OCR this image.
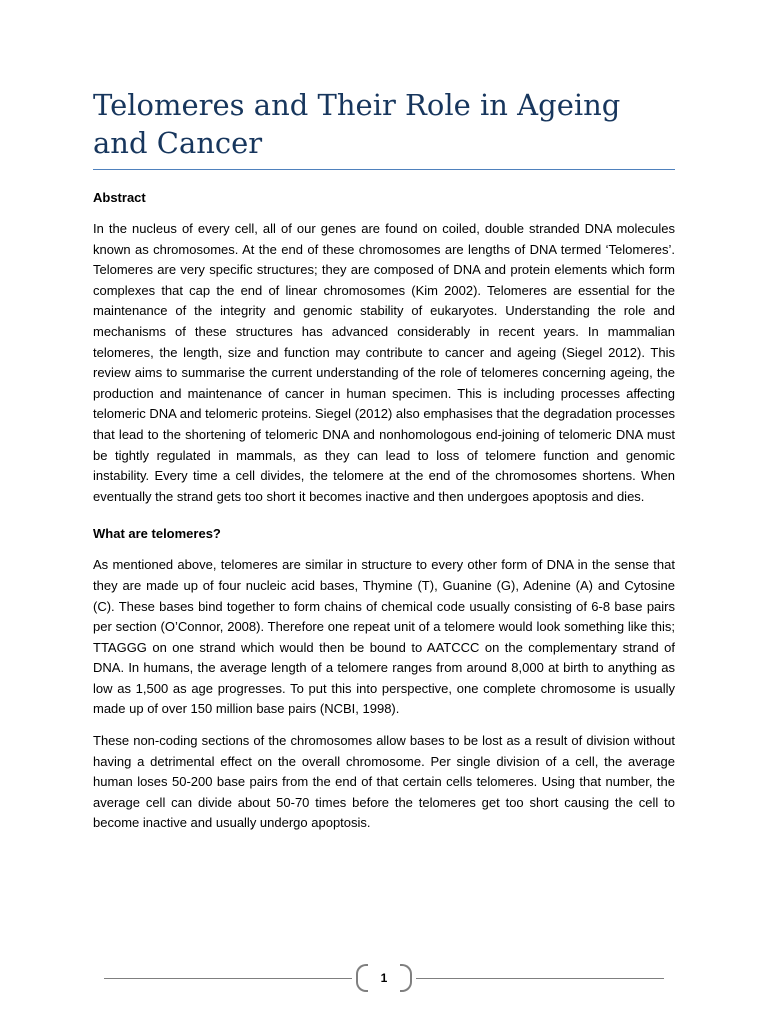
Telomeres and Their Role in Ageing and Cancer
Abstract

In the nucleus of every cell, all of our genes are found on coiled, double stranded DNA molecules known as chromosomes. At the end of these chromosomes are lengths of DNA termed ‘Telomeres’. Telomeres are very specific structures; they are composed of DNA and protein elements which form complexes that cap the end of linear chromosomes (Kim 2002). Telomeres are essential for the maintenance of the integrity and genomic stability of eukaryotes. Understanding the role and mechanisms of these structures has advanced considerably in recent years. In mammalian telomeres, the length, size and function may contribute to cancer and ageing (Siegel 2012). This review aims to summarise the current understanding of the role of telomeres concerning ageing, the production and maintenance of cancer in human specimen. This is including processes affecting telomeric DNA and telomeric proteins. Siegel (2012) also emphasises that the degradation processes that lead to the shortening of telomeric DNA and nonhomologous end-joining of telomeric DNA must be tightly regulated in mammals, as they can lead to loss of telomere function and genomic instability. Every time a cell divides, the telomere at the end of the chromosomes shortens. When eventually the strand gets too short it becomes inactive and then undergoes apoptosis and dies.

What are telomeres?

As mentioned above, telomeres are similar in structure to every other form of DNA in the sense that they are made up of four nucleic acid bases, Thymine (T), Guanine (G), Adenine (A) and Cytosine (C). These bases bind together to form chains of chemical code usually consisting of 6-8 base pairs per section (O’Connor, 2008). Therefore one repeat unit of a telomere would look something like this; TTAGGG on one strand which would then be bound to AATCCC on the complementary strand of DNA. In humans, the average length of a telomere ranges from around 8,000 at birth to anything as low as 1,500 as age progresses. To put this into perspective, one complete chromosome is usually made up of over 150 million base pairs (NCBI, 1998).

These non-coding sections of the chromosomes allow bases to be lost as a result of division without having a detrimental effect on the overall chromosome. Per single division of a cell, the average human loses 50-200 base pairs from the end of that certain cells telomeres. Using that number, the average cell can divide about 50-70 times before the telomeres get too short causing the cell to become inactive and usually undergo apoptosis.

1
